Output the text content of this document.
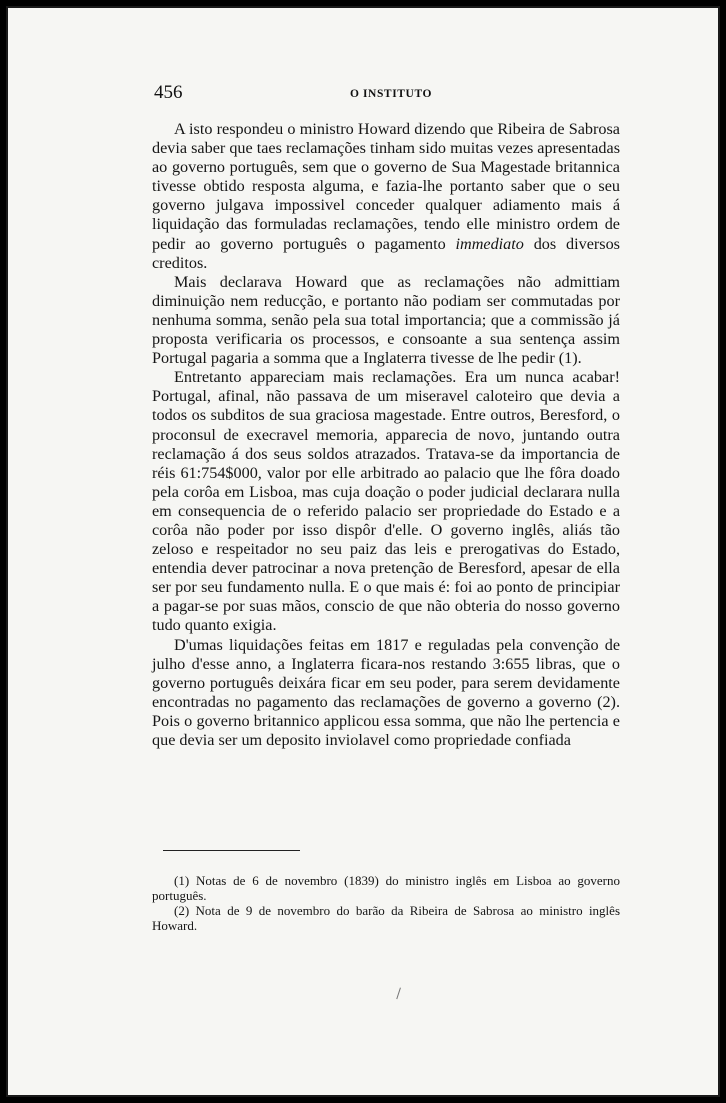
456	O INSTITUTO

A isto respondeu o ministro Howard dizendo que Ribeira de Sabrosa devia saber que taes reclamações tinham sido muitas vezes apresentadas ao governo português, sem que o governo de Sua Magestade britannica tivesse obtido resposta alguma, e fazia-lhe portanto saber que o seu governo julgava impossivel conceder qualquer adiamento mais á liquidação das formuladas reclamações, tendo elle ministro ordem de pedir ao governo português o pagamento immediato dos diversos creditos.

Mais declarava Howard que as reclamações não admittiam diminuição nem reducção, e portanto não podiam ser commutadas por nenhuma somma, senão pela sua total importancia; que a commissão já proposta verificaria os processos, e consoante a sua sentença assim Portugal pagaria a somma que a Inglaterra tivesse de lhe pedir (1).

Entretanto appareciam mais reclamações. Era um nunca acabar! Portugal, afinal, não passava de um miseravel caloteiro que devia a todos os subditos de sua graciosa magestade. Entre outros, Beresford, o proconsul de execravel memoria, apparecia de novo, juntando outra reclamação á dos seus soldos atrazados. Tratava-se da importancia de réis 61:754$000, valor por elle arbitrado ao palacio que lhe fôra doado pela corôa em Lisboa, mas cuja doação o poder judicial declarara nulla em consequencia de o referido palacio ser propriedade do Estado e a corôa não poder por isso dispôr d'elle. O governo inglês, aliás tão zeloso e respeitador no seu paiz das leis e prerogativas do Estado, entendia dever patrocinar a nova pretenção de Beresford, apesar de ella ser por seu fundamento nulla. E o que mais é: foi ao ponto de principiar a pagar-se por suas mãos, conscio de que não obteria do nosso governo tudo quanto exigia.

D'umas liquidações feitas em 1817 e reguladas pela convenção de julho d'esse anno, a Inglaterra ficara-nos restando 3:655 libras, que o governo português deixára ficar em seu poder, para serem devidamente encontradas no pagamento das reclamações de governo a governo (2). Pois o governo britannico applicou essa somma, que não lhe pertencia e que devia ser um deposito inviolavel como propriedade confiada

(1) Notas de 6 de novembro (1839) do ministro inglês em Lisboa ao governo português.

(2) Nota de 9 de novembro do barão da Ribeira de Sabrosa ao ministro inglês Howard.
